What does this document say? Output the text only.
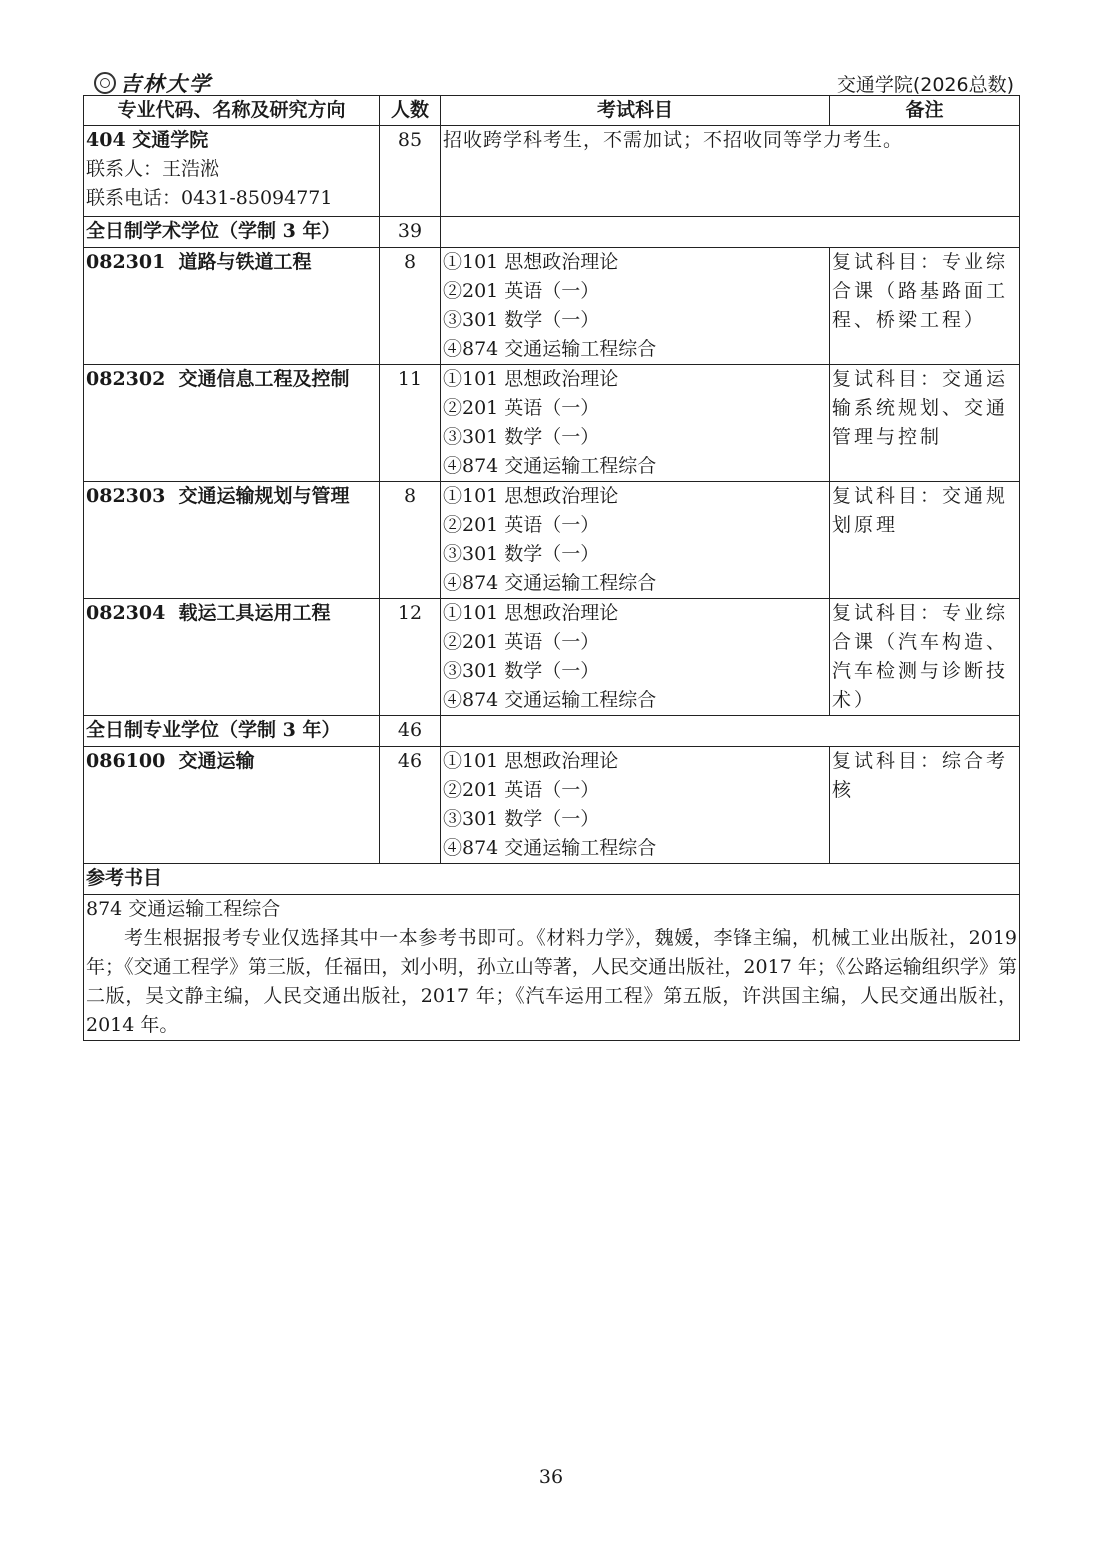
吉林大学	交通学院(2026总数)
专业代码、名称及研究方向	人数	考试科目	备注

404 交通学院
联系人：王浩淞
联系电话：0431-85094771	85	招收跨学科考生，不需加试；不招收同等学力考生。	
全日制学术学位（学制 3 年）	39		
082301  道路与铁道工程	8	①101 思想政治理论
②201 英语（一）
③301 数学（一）
④874 交通运输工程综合	复试科目：专业综合课（路基路面工程、桥梁工程）
082302  交通信息工程及控制	11	①101 思想政治理论
②201 英语（一）
③301 数学（一）
④874 交通运输工程综合	复试科目：交通运输系统规划、交通管理与控制
082303  交通运输规划与管理	8	①101 思想政治理论
②201 英语（一）
③301 数学（一）
④874 交通运输工程综合	复试科目：交通规划原理
082304  载运工具运用工程	12	①101 思想政治理论
②201 英语（一）
③301 数学（一）
④874 交通运输工程综合	复试科目：专业综合课（汽车构造、汽车检测与诊断技术）
全日制专业学位（学制 3 年）	46		
086100  交通运输	46	①101 思想政治理论
②201 英语（一）
③301 数学（一）
④874 交通运输工程综合	复试科目：综合考核
参考书目			

874 交通运输工程综合
考生根据报考专业仅选择其中一本参考书即可。《材料力学》，魏媛，李锋主编，机械工业出版社，2019 年；《交通工程学》第三版，任福田，刘小明，孙立山等著，人民交通出版社，2017 年；《公路运输组织学》第二版，吴文静主编，人民交通出版社，2017 年；《汽车运用工程》第五版，许洪国主编，人民交通出版社，2014 年。			
36
